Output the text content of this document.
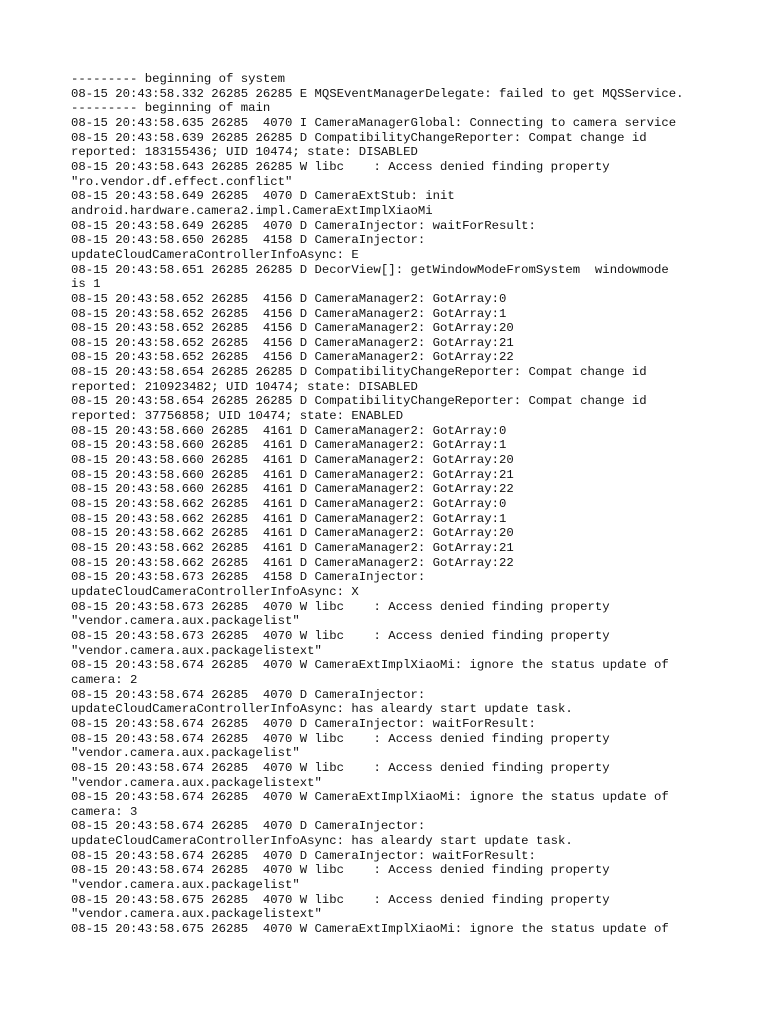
--------- beginning of system
08-15 20:43:58.332 26285 26285 E MQSEventManagerDelegate: failed to get MQSService.
--------- beginning of main
08-15 20:43:58.635 26285  4070 I CameraManagerGlobal: Connecting to camera service
08-15 20:43:58.639 26285 26285 D CompatibilityChangeReporter: Compat change id
reported: 183155436; UID 10474; state: DISABLED
08-15 20:43:58.643 26285 26285 W libc    : Access denied finding property
"ro.vendor.df.effect.conflict"
08-15 20:43:58.649 26285  4070 D CameraExtStub: init
android.hardware.camera2.impl.CameraExtImplXiaoMi
08-15 20:43:58.649 26285  4070 D CameraInjector: waitForResult:
08-15 20:43:58.650 26285  4158 D CameraInjector:
updateCloudCameraControllerInfoAsync: E
08-15 20:43:58.651 26285 26285 D DecorView[]: getWindowModeFromSystem  windowmode
is 1
08-15 20:43:58.652 26285  4156 D CameraManager2: GotArray:0
08-15 20:43:58.652 26285  4156 D CameraManager2: GotArray:1
08-15 20:43:58.652 26285  4156 D CameraManager2: GotArray:20
08-15 20:43:58.652 26285  4156 D CameraManager2: GotArray:21
08-15 20:43:58.652 26285  4156 D CameraManager2: GotArray:22
08-15 20:43:58.654 26285 26285 D CompatibilityChangeReporter: Compat change id
reported: 210923482; UID 10474; state: DISABLED
08-15 20:43:58.654 26285 26285 D CompatibilityChangeReporter: Compat change id
reported: 37756858; UID 10474; state: ENABLED
08-15 20:43:58.660 26285  4161 D CameraManager2: GotArray:0
08-15 20:43:58.660 26285  4161 D CameraManager2: GotArray:1
08-15 20:43:58.660 26285  4161 D CameraManager2: GotArray:20
08-15 20:43:58.660 26285  4161 D CameraManager2: GotArray:21
08-15 20:43:58.660 26285  4161 D CameraManager2: GotArray:22
08-15 20:43:58.662 26285  4161 D CameraManager2: GotArray:0
08-15 20:43:58.662 26285  4161 D CameraManager2: GotArray:1
08-15 20:43:58.662 26285  4161 D CameraManager2: GotArray:20
08-15 20:43:58.662 26285  4161 D CameraManager2: GotArray:21
08-15 20:43:58.662 26285  4161 D CameraManager2: GotArray:22
08-15 20:43:58.673 26285  4158 D CameraInjector:
updateCloudCameraControllerInfoAsync: X
08-15 20:43:58.673 26285  4070 W libc    : Access denied finding property
"vendor.camera.aux.packagelist"
08-15 20:43:58.673 26285  4070 W libc    : Access denied finding property
"vendor.camera.aux.packagelistext"
08-15 20:43:58.674 26285  4070 W CameraExtImplXiaoMi: ignore the status update of
camera: 2
08-15 20:43:58.674 26285  4070 D CameraInjector:
updateCloudCameraControllerInfoAsync: has aleardy start update task.
08-15 20:43:58.674 26285  4070 D CameraInjector: waitForResult:
08-15 20:43:58.674 26285  4070 W libc    : Access denied finding property
"vendor.camera.aux.packagelist"
08-15 20:43:58.674 26285  4070 W libc    : Access denied finding property
"vendor.camera.aux.packagelistext"
08-15 20:43:58.674 26285  4070 W CameraExtImplXiaoMi: ignore the status update of
camera: 3
08-15 20:43:58.674 26285  4070 D CameraInjector:
updateCloudCameraControllerInfoAsync: has aleardy start update task.
08-15 20:43:58.674 26285  4070 D CameraInjector: waitForResult:
08-15 20:43:58.674 26285  4070 W libc    : Access denied finding property
"vendor.camera.aux.packagelist"
08-15 20:43:58.675 26285  4070 W libc    : Access denied finding property
"vendor.camera.aux.packagelistext"
08-15 20:43:58.675 26285  4070 W CameraExtImplXiaoMi: ignore the status update of
